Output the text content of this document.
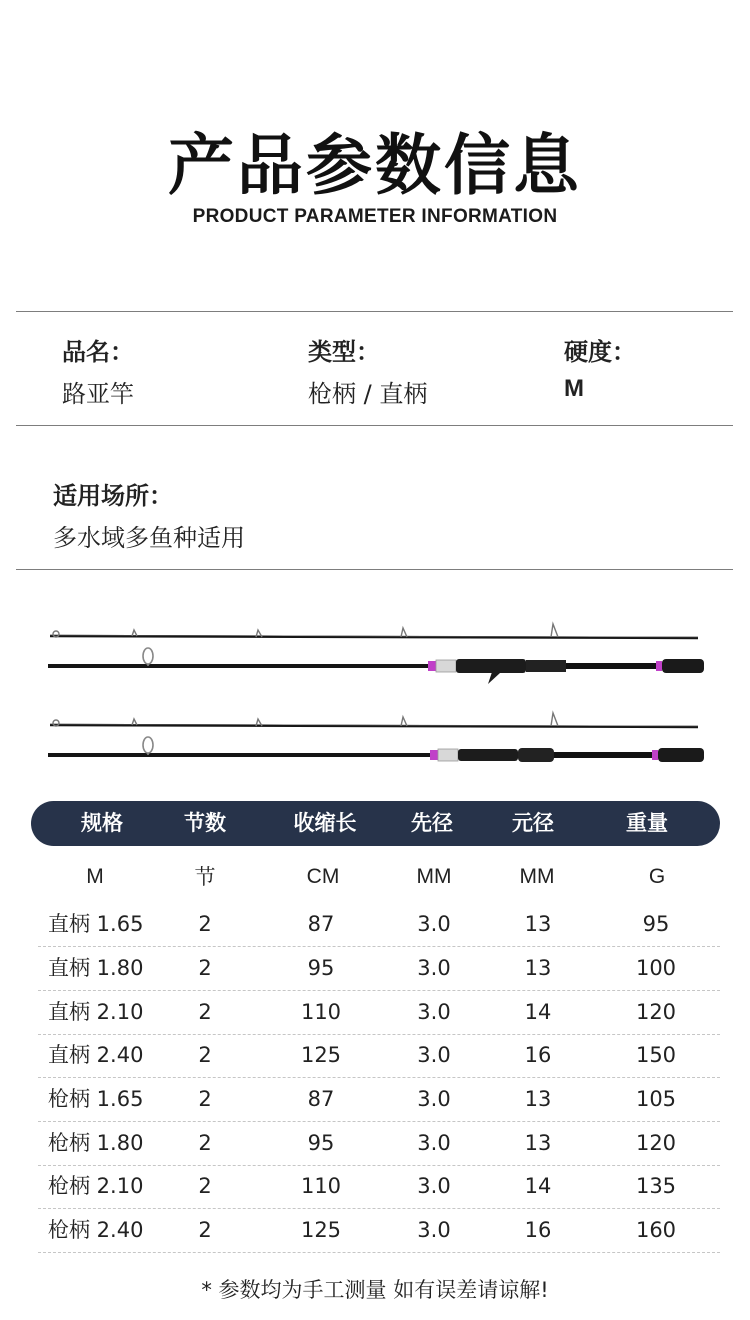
产品参数信息
PRODUCT PARAMETER INFORMATION
品名：
路亚竿
类型：
枪柄 / 直柄
硬度：
M
适用场所：
多水域多鱼种适用
规格	节数	收缩长	先径	元径	重量
M	节	CM	MM	MM	G
直柄 1.65	2	87	3.0	13	95
直柄 1.80	2	95	3.0	13	100
直柄 2.10	2	110	3.0	14	120
直柄 2.40	2	125	3.0	16	150
枪柄 1.65	2	87	3.0	13	105
枪柄 1.80	2	95	3.0	13	120
枪柄 2.10	2	110	3.0	14	135
枪柄 2.40	2	125	3.0	16	160
* 参数均为手工测量 如有误差请谅解!
